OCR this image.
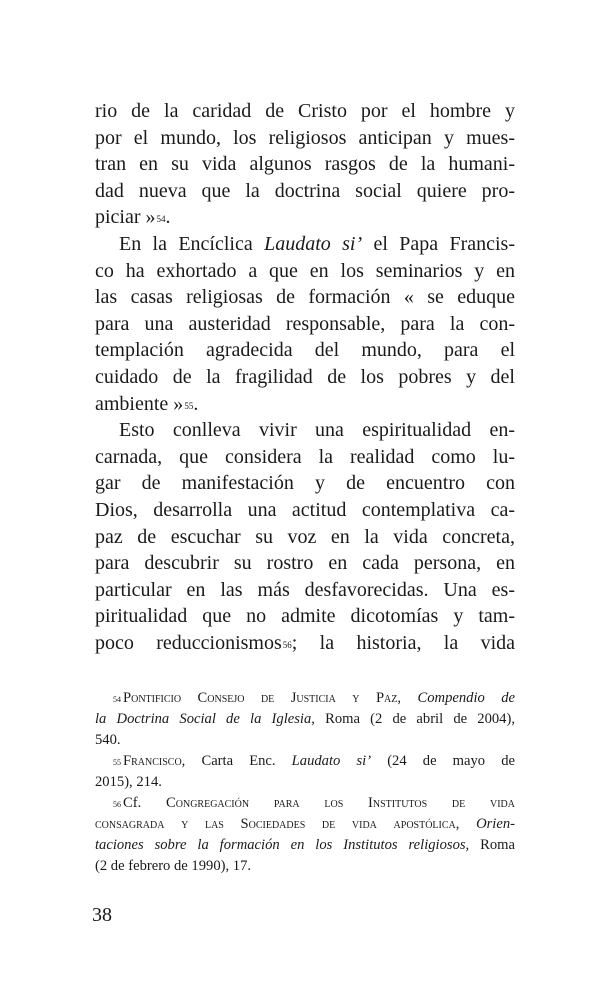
rio de la caridad de Cristo por el hombre y
por el mundo, los religiosos anticipan y mues-
tran en su vida algunos rasgos de la humani-
dad nueva que la doctrina social quiere pro-
piciar »$^{54}$.
En la Encíclica Laudato si’ el Papa Francis-
co ha exhortado a que en los seminarios y en
las casas religiosas de formación « se eduque
para una austeridad responsable, para la con-
templación agradecida del mundo, para el
cuidado de la fragilidad de los pobres y del
ambiente »$^{55}$.
Esto conlleva vivir una espiritualidad en-
carnada, que considera la realidad como lu-
gar de manifestación y de encuentro con
Dios, desarrolla una actitud contemplativa ca-
paz de escuchar su voz en la vida concreta,
para descubrir su rostro en cada persona, en
particular en las más desfavorecidas. Una es-
piritualidad que no admite dicotomías y tam-
poco reduccionismos$^{56}$; la historia, la vida
$^{54}$ Pontificio Consejo de Justicia y Paz, Compendio de
la Doctrina Social de la Iglesia, Roma (2 de abril de 2004),
540.
$^{55}$ Francisco, Carta Enc. Laudato si’ (24 de mayo de
2015), 214.
$^{56}$ Cf. Congregación para los Institutos de vida
consagrada y las Sociedades de vida apostólica, Orien-
taciones sobre la formación en los Institutos religiosos, Roma
(2 de febrero de 1990), 17.
38
